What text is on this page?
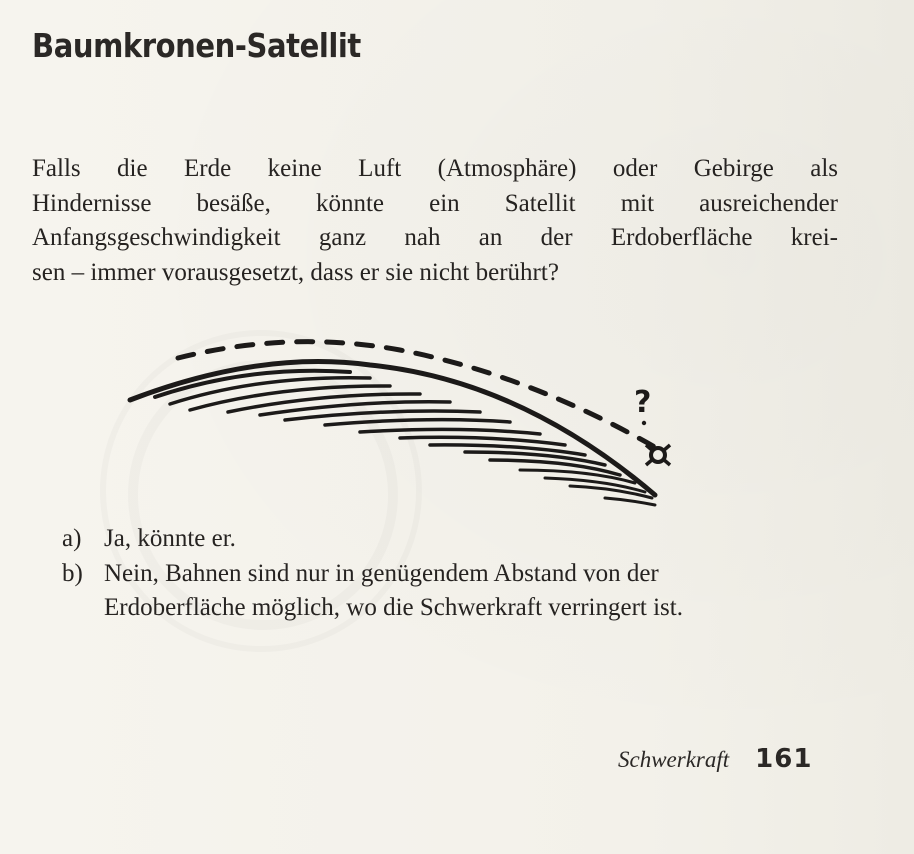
Baumkronen-Satellit

Falls die Erde keine Luft (Atmosphäre) oder Gebirge als
Hindernisse besäße, könnte ein Satellit mit ausreichender
Anfangsgeschwindigkeit ganz nah an der Erdoberfläche krei-
sen – immer vorausgesetzt, dass er sie nicht berührt?

?
a) Ja, könnte er.
b) Nein, Bahnen sind nur in genügendem Abstand von der Erdoberfläche möglich, wo die Schwerkraft verringert ist.
Schwerkraft 161
